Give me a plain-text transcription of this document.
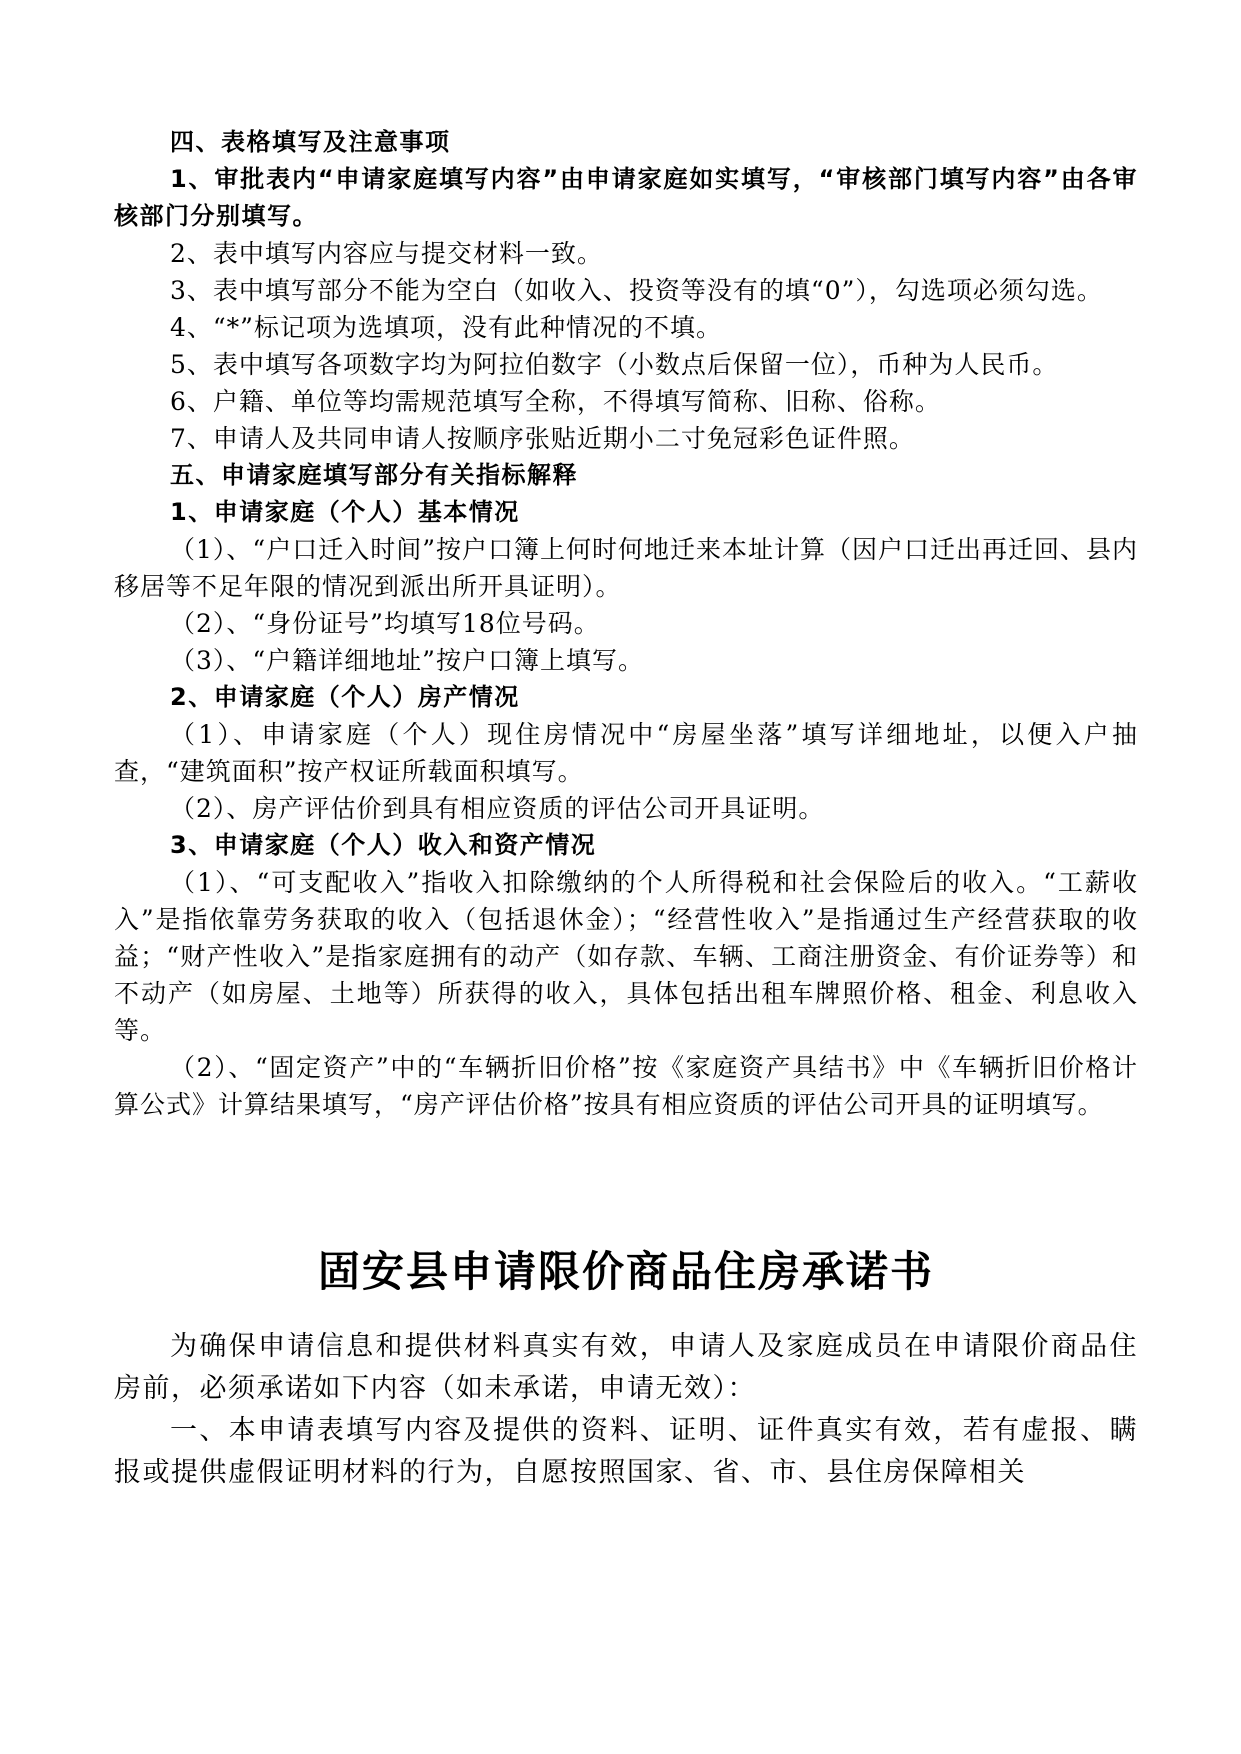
四、表格填写及注意事项

1、审批表内“申请家庭填写内容”由申请家庭如实填写，“审核部门填写内容”由各审核部门分别填写。

2、表中填写内容应与提交材料一致。

3、表中填写部分不能为空白（如收入、投资等没有的填“0”），勾选项必须勾选。

4、“*”标记项为选填项，没有此种情况的不填。

5、表中填写各项数字均为阿拉伯数字（小数点后保留一位），币种为人民币。

6、户籍、单位等均需规范填写全称，不得填写简称、旧称、俗称。

7、申请人及共同申请人按顺序张贴近期小二寸免冠彩色证件照。

五、申请家庭填写部分有关指标解释

1、申请家庭（个人）基本情况

（1）、“户口迁入时间”按户口簿上何时何地迁来本址计算（因户口迁出再迁回、县内移居等不足年限的情况到派出所开具证明）。

（2）、“身份证号”均填写18位号码。

（3）、“户籍详细地址”按户口簿上填写。

2、申请家庭（个人）房产情况

（1）、申请家庭（个人）现住房情况中“房屋坐落”填写详细地址，以便入户抽查，“建筑面积”按产权证所载面积填写。

（2）、房产评估价到具有相应资质的评估公司开具证明。

3、申请家庭（个人）收入和资产情况

（1）、“可支配收入”指收入扣除缴纳的个人所得税和社会保险后的收入。“工薪收入”是指依靠劳务获取的收入（包括退休金）；“经营性收入”是指通过生产经营获取的收益；“财产性收入”是指家庭拥有的动产（如存款、车辆、工商注册资金、有价证券等）和不动产（如房屋、土地等）所获得的收入，具体包括出租车牌照价格、租金、利息收入等。

（2）、“固定资产”中的“车辆折旧价格”按《家庭资产具结书》中《车辆折旧价格计算公式》计算结果填写，“房产评估价格”按具有相应资质的评估公司开具的证明填写。

固安县申请限价商品住房承诺书

为确保申请信息和提供材料真实有效，申请人及家庭成员在申请限价商品住房前，必须承诺如下内容（如未承诺，申请无效）：

一、本申请表填写内容及提供的资料、证明、证件真实有效，若有虚报、瞒报或提供虚假证明材料的行为，自愿按照国家、省、市、县住房保障相关
